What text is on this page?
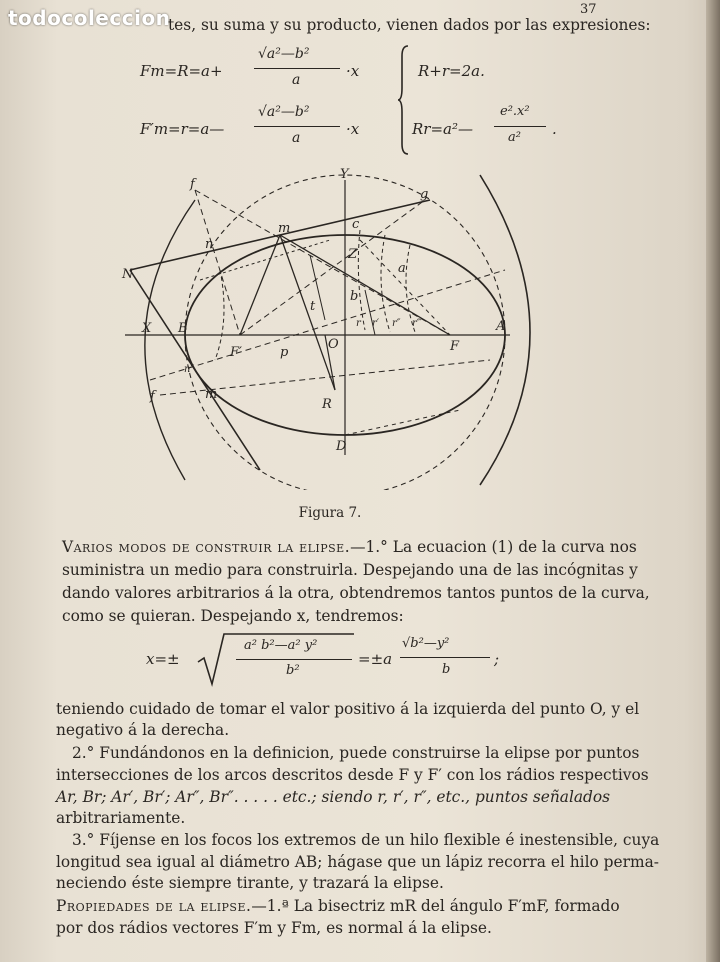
todocoleccion	37
tes, su suma y su producto, vienen dados por las expresiones:
Fm=R=a+
√a²—b²
a	·x
F′m=r=a—
√a²—b²
a	·x
R+r=2a.
Rr=a²—
e².x²
a² .
f
Y
g
N
m	c
n
Z
b
a
X B	r r′ r″ r‴	A
F′	p
O	F
f	m
R
D
t
n″
Figura 7.
Varios modos de construir la elipse.—1.° La ecuacion (1) de la curva nos
suministra un medio para construirla. Despejando una de las incógnitas y
dando valores arbitrarios á la otra, obtendremos tantos puntos de la curva,
como se quieran. Despejando x, tendremos:
x=±
a² b²—a² y²
b²
=±a
√b²—y²
b
;
teniendo cuidado de tomar el valor positivo á la izquierda del punto O, y el
negativo á la derecha.
2.° Fundándonos en la definicion, puede construirse la elipse por puntos
intersecciones de los arcos descritos desde F y F′ con los rádios respectivos
Ar, Br; Ar′, Br′; Ar″, Br″. . . . . etc.; siendo r, r′, r″, etc., puntos señalados
arbitrariamente.
3.° Fíjense en los focos los extremos de un hilo flexible é inestensible, cuya
longitud sea igual al diámetro AB; hágase que un lápiz recorra el hilo perma-
neciendo éste siempre tirante, y trazará la elipse.
Propiedades de la elipse.—1.ª La bisectriz mR del ángulo F′mF, formado
por dos rádios vectores F′m y Fm, es normal á la elipse.
